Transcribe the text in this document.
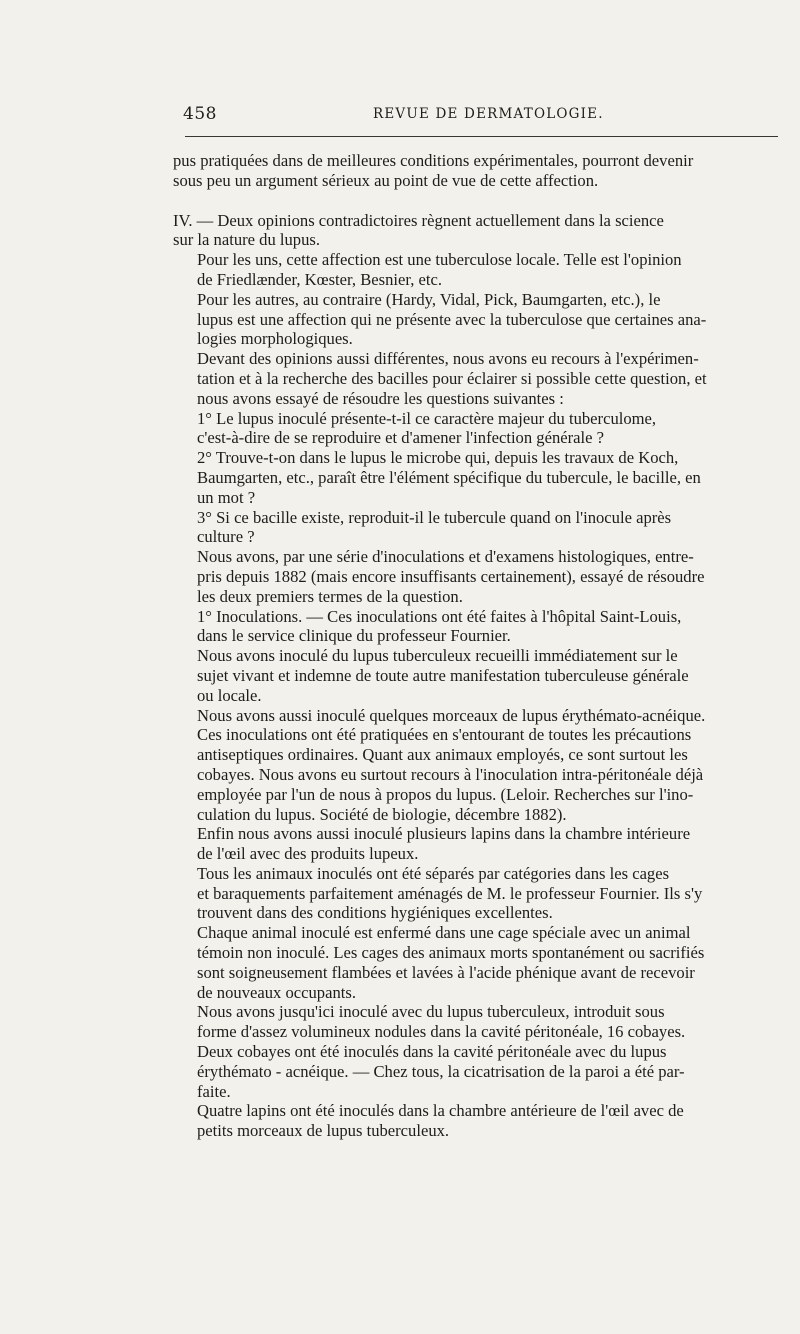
458	REVUE DE DERMATOLOGIE.
pus pratiquées dans de meilleures conditions expérimentales, pourront devenir
sous peu un argument sérieux au point de vue de cette affection.
IV. — Deux opinions contradictoires règnent actuellement dans la science
sur la nature du lupus.
Pour les uns, cette affection est une tuberculose locale. Telle est l'opinion
de Friedlænder, Kœster, Besnier, etc.
Pour les autres, au contraire (Hardy, Vidal, Pick, Baumgarten, etc.), le
lupus est une affection qui ne présente avec la tuberculose que certaines ana-
logies morphologiques.
Devant des opinions aussi différentes, nous avons eu recours à l'expérimen-
tation et à la recherche des bacilles pour éclairer si possible cette question, et
nous avons essayé de résoudre les questions suivantes :
1° Le lupus inoculé présente-t-il ce caractère majeur du tuberculome,
c'est-à-dire de se reproduire et d'amener l'infection générale ?
2° Trouve-t-on dans le lupus le microbe qui, depuis les travaux de Koch,
Baumgarten, etc., paraît être l'élément spécifique du tubercule, le bacille, en
un mot ?
3° Si ce bacille existe, reproduit-il le tubercule quand on l'inocule après
culture ?
Nous avons, par une série d'inoculations et d'examens histologiques, entre-
pris depuis 1882 (mais encore insuffisants certainement), essayé de résoudre
les deux premiers termes de la question.
1° Inoculations. — Ces inoculations ont été faites à l'hôpital Saint-Louis,
dans le service clinique du professeur Fournier.
Nous avons inoculé du lupus tuberculeux recueilli immédiatement sur le
sujet vivant et indemne de toute autre manifestation tuberculeuse générale
ou locale.
Nous avons aussi inoculé quelques morceaux de lupus érythémato-acnéique.
Ces inoculations ont été pratiquées en s'entourant de toutes les précautions
antiseptiques ordinaires. Quant aux animaux employés, ce sont surtout les
cobayes. Nous avons eu surtout recours à l'inoculation intra-péritonéale déjà
employée par l'un de nous à propos du lupus. (Leloir. Recherches sur l'ino-
culation du lupus. Société de biologie, décembre 1882).
Enfin nous avons aussi inoculé plusieurs lapins dans la chambre intérieure
de l'œil avec des produits lupeux.
Tous les animaux inoculés ont été séparés par catégories dans les cages
et baraquements parfaitement aménagés de M. le professeur Fournier. Ils s'y
trouvent dans des conditions hygiéniques excellentes.
Chaque animal inoculé est enfermé dans une cage spéciale avec un animal
témoin non inoculé. Les cages des animaux morts spontanément ou sacrifiés
sont soigneusement flambées et lavées à l'acide phénique avant de recevoir
de nouveaux occupants.
Nous avons jusqu'ici inoculé avec du lupus tuberculeux, introduit sous
forme d'assez volumineux nodules dans la cavité péritonéale, 16 cobayes.
Deux cobayes ont été inoculés dans la cavité péritonéale avec du lupus
érythémato - acnéique. — Chez tous, la cicatrisation de la paroi a été par-
faite.
Quatre lapins ont été inoculés dans la chambre antérieure de l'œil avec de
petits morceaux de lupus tuberculeux.
